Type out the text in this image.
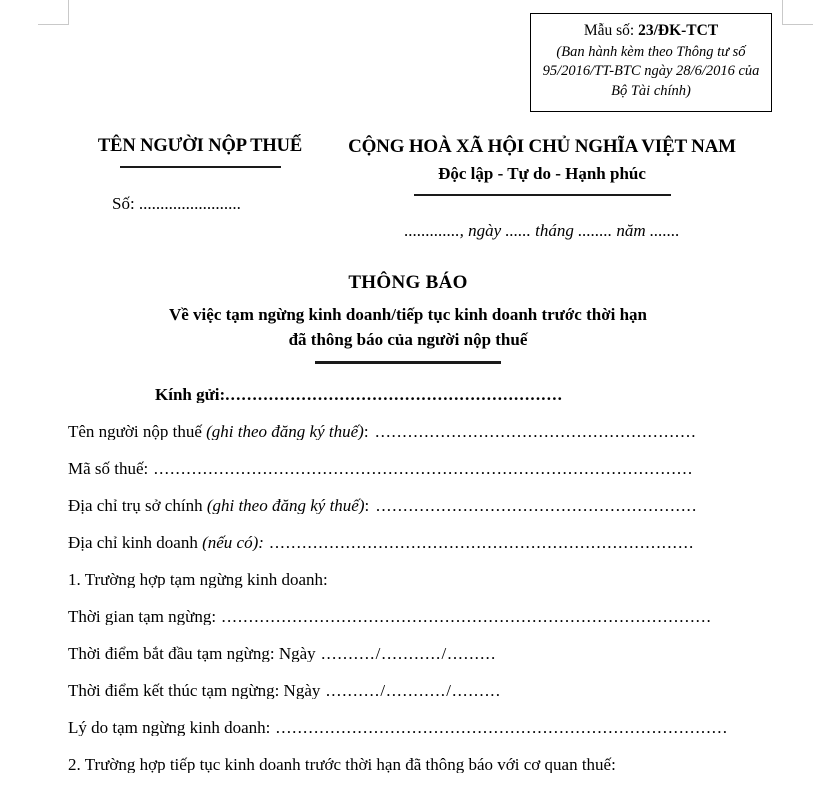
Mẫu số: 23/ĐK-TCT
(Ban hành kèm theo Thông tư số 95/2016/TT-BTC ngày 28/6/2016 của Bộ Tài chính)
TÊN NGƯỜI NỘP THUẾ
Số: ........................
CỘNG HOÀ XÃ HỘI CHỦ NGHĨA VIỆT NAM
Độc lập - Tự do - Hạnh phúc
............., ngày ...... tháng ........ năm .......
THÔNG BÁO
Về việc tạm ngừng kinh doanh/tiếp tục kinh doanh trước thời hạn
đã thông báo của người nộp thuế
Kính gửi:..............................................................
Tên người nộp thuế (ghi theo đăng ký thuế): ...........................................................
Mã số thuế: ...................................................................................................
Địa chỉ trụ sở chính (ghi theo đăng ký thuế): ...........................................................
Địa chỉ kinh doanh (nếu có): ..............................................................................
1. Trường hợp tạm ngừng kinh doanh:
Thời gian tạm ngừng: ..........................................................................................
Thời điểm bắt đầu tạm ngừng: Ngày ........../.........../.........
Thời điểm kết thúc tạm ngừng: Ngày ........../.........../.........
Lý do tạm ngừng kinh doanh: ...................................................................................
2. Trường hợp tiếp tục kinh doanh trước thời hạn đã thông báo với cơ quan thuế:
